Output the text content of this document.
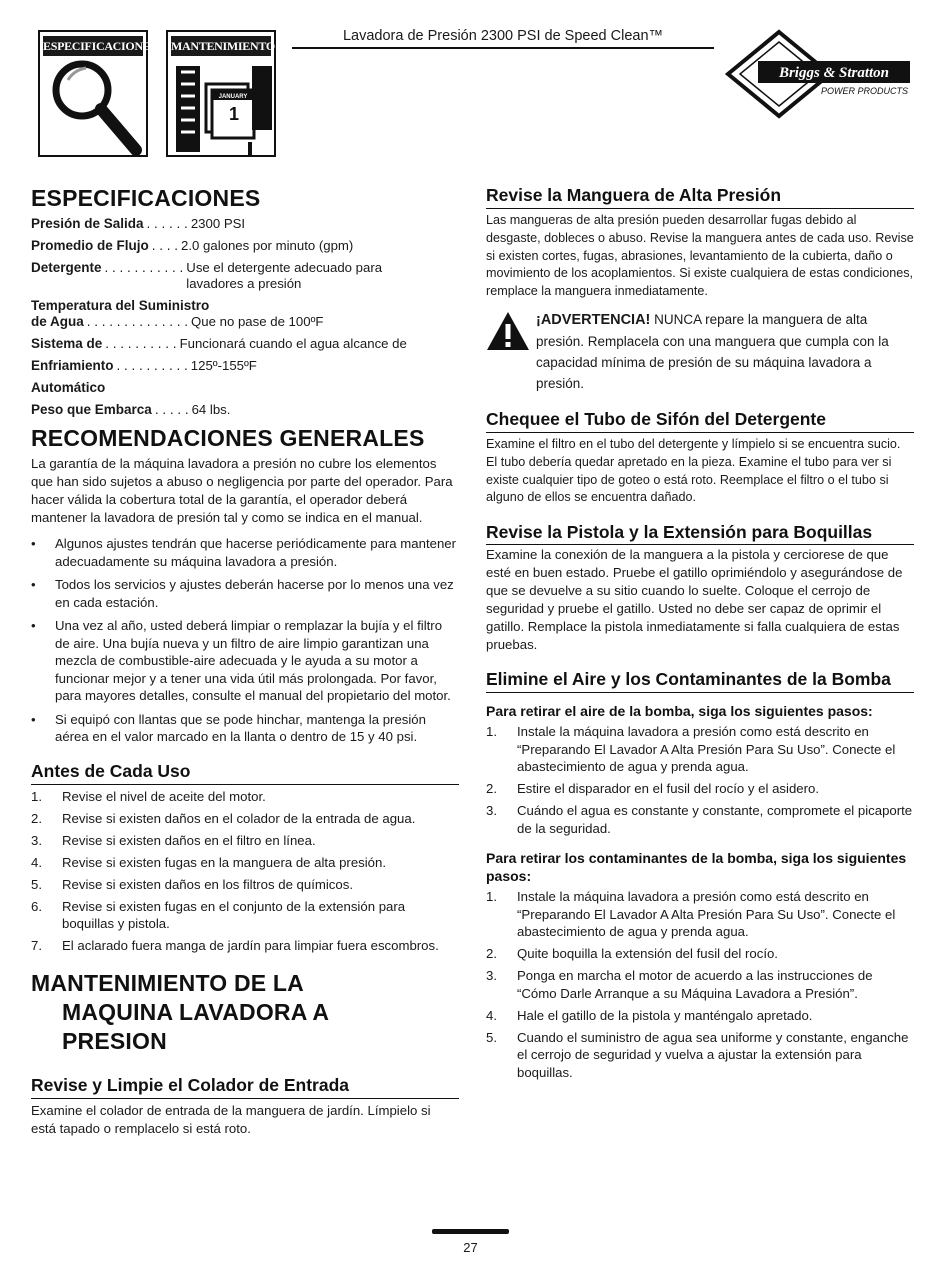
ESPECIFICACIONES MANTENIMIENTO
JANUARY
1
Lavadora de Presión 2300 PSI de Speed Clean™
Briggs & Stratton
POWER PRODUCTS
ESPECIFICACIONES
Presión de Salida . . . . . . 2300 PSI
Promedio de Flujo . . . . 2.0 galones por minuto (gpm)
Detergente . . . . . . . . . . . Use el detergente adecuado para lavadores a presión
Temperatura del Suministro
de Agua . . . . . . . . . . . . . . Que no pase de 100ºF
Sistema de . . . . . . . . . . Funcionará cuando el agua alcance de
Enfriamiento . . . . . . . . . . 125º-155ºF
Automático
Peso que Embarca . . . . . 64 lbs.
RECOMENDACIONES GENERALES

La garantía de la máquina lavadora a presión no cubre los elementos que han sido sujetos a abuso o negligencia por parte del operador. Para hacer válida la cobertura total de la garantía, el operador deberá mantener la lavadora de presión tal y como se indica en el manual.

• Algunos ajustes tendrán que hacerse periódicamente para mantener adecuadamente su máquina lavadora a presión.
• Todos los servicios y ajustes deberán hacerse por lo menos una vez en cada estación.
• Una vez al año, usted deberá limpiar o remplazar la bujía y el filtro de aire. Una bujía nueva y un filtro de aire limpio garantizan una mezcla de combustible-aire adecuada y le ayuda a su motor a funcionar mejor y a tener una vida útil más prolongada. Por favor, para mayores detalles, consulte el manual del propietario del motor.
• Si equipó con llantas que se pode hinchar, mantenga la presión aérea en el valor marcado en la llanta o dentro de 15 y 40 psi.
Antes de Cada Uso
1.	Revise el nivel de aceite del motor.
2.	Revise si existen daños en el colador de la entrada de agua.
3.	Revise si existen daños en el filtro en línea.
4.	Revise si existen fugas en la manguera de alta presión.
5.	Revise si existen daños en los filtros de químicos.
6.	Revise si existen fugas en el conjunto de la extensión para boquillas y pistola.
7.	El aclarado fuera manga de jardín para limpiar fuera escombros.
MANTENIMIENTO DE LA MAQUINA LAVADORA A PRESION
Revise y Limpie el Colador de Entrada

Examine el colador de entrada de la manguera de jardín. Límpielo si está tapado o remplacelo si está roto.

Revise la Manguera de Alta Presión

Las mangueras de alta presión pueden desarrollar fugas debido al desgaste, dobleces o abuso. Revise la manguera antes de cada uso. Revise si existen cortes, fugas, abrasiones, levantamiento de la cubierta, daño o movimiento de los acoplamientos. Si existe cualquiera de estas condiciones, remplace la manguera inmediatamente.

¡ADVERTENCIA! NUNCA repare la manguera de alta presión. Remplacela con una manguera que cumpla con la capacidad mínima de presión de su máquina lavadora a presión.

Chequee el Tubo de Sifón del Detergente

Examine el filtro en el tubo del detergente y límpielo si se encuentra sucio. El tubo debería quedar apretado en la pieza. Examine el tubo para ver si existe cualquier tipo de goteo o está roto. Reemplace el filtro o el tubo si alguno de ellos se encuentra dañado.

Revise la Pistola y la Extensión para Boquillas

Examine la conexión de la manguera a la pistola y cerciorese de que esté en buen estado. Pruebe el gatillo oprimiéndolo y asegurándose de que se devuelve a su sitio cuando lo suelte. Coloque el cerrojo de seguridad y pruebe el gatillo. Usted no debe ser capaz de oprimir el gatillo. Remplace la pistola inmediatamente si falla cualquiera de estas pruebas.

Elimine el Aire y los Contaminantes de la Bomba
Para retirar el aire de la bomba, siga los siguientes pasos:
1.	Instale la máquina lavadora a presión como está descrito en “Preparando El Lavador A Alta Presión Para Su Uso”. Conecte el abastecimiento de agua y prenda agua.
2.	Estire el disparador en el fusil del rocío y el asidero.
3.	Cuándo el agua es constante y constante, compromete el picaporte de la seguridad.
Para retirar los contaminantes de la bomba, siga los siguientes pasos:
1.	Instale la máquina lavadora a presión como está descrito en “Preparando El Lavador A Alta Presión Para Su Uso”. Conecte el abastecimiento de agua y prenda agua.
2.	Quite boquilla la extensión del fusil del rocío.
3.	Ponga en marcha el motor de acuerdo a las instrucciones de “Cómo Darle Arranque a su Máquina Lavadora a Presión”.
4.	Hale el gatillo de la pistola y manténgalo apretado.
5.	Cuando el suministro de agua sea uniforme y constante, enganche el cerrojo de seguridad y vuelva a ajustar la extensión para boquillas.
27
